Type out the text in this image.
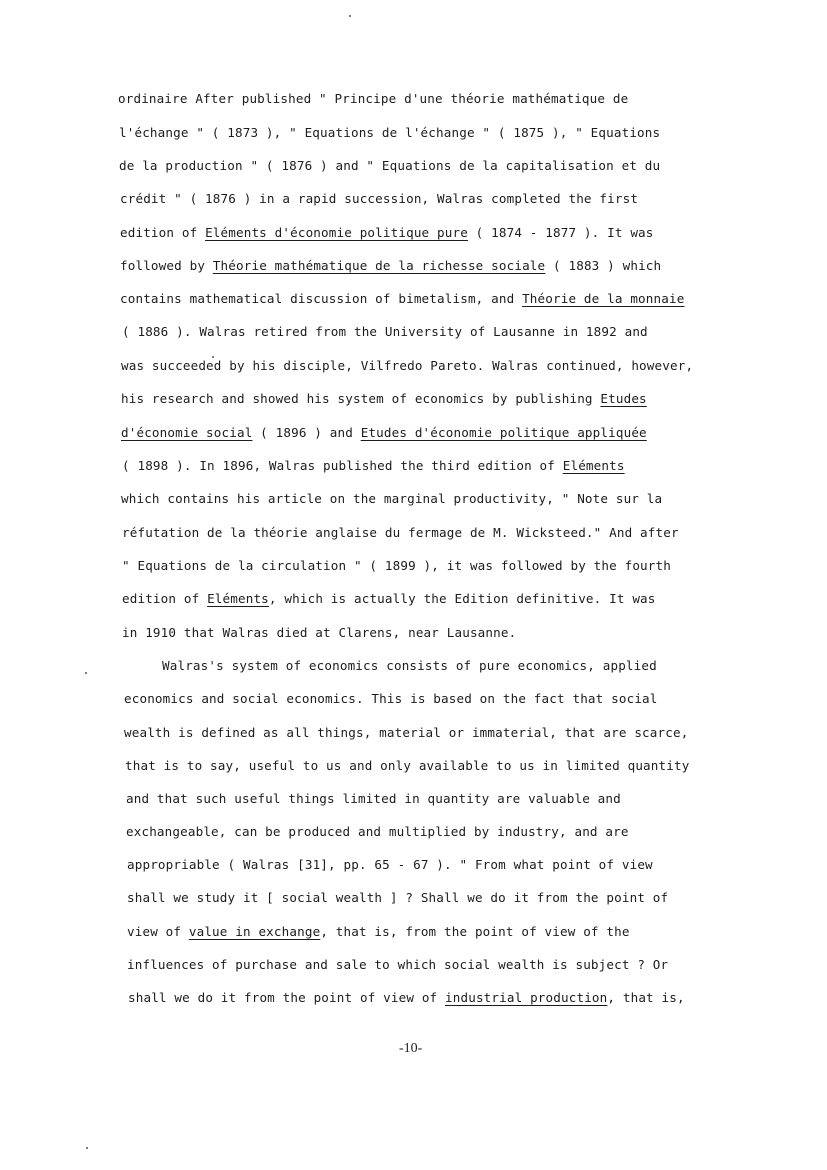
ordinaire After published " Principe d'une théorie mathématique de
l'échange " ( 1873 ), " Equations de l'échange " ( 1875 ), " Equations
de la production " ( 1876 ) and " Equations de la capitalisation et du
crédit " ( 1876 ) in a rapid succession, Walras completed the first
edition of Eléments d'économie politique pure ( 1874 - 1877 ). It was
followed by Théorie mathématique de la richesse sociale ( 1883 ) which
contains mathematical discussion of bimetalism, and Théorie de la monnaie
( 1886 ). Walras retired from the University of Lausanne in 1892 and
was succeeded by his disciple, Vilfredo Pareto. Walras continued, however,
his research and showed his system of economics by publishing Etudes
d'économie social ( 1896 ) and Etudes d'économie politique appliquée
( 1898 ). In 1896, Walras published the third edition of Eléments
which contains his article on the marginal productivity, " Note sur la
réfutation de la théorie anglaise du fermage de M. Wicksteed." And after
" Equations de la circulation " ( 1899 ), it was followed by the fourth
edition of Eléments, which is actually the Edition definitive. It was
in 1910 that Walras died at Clarens, near Lausanne.
Walras's system of economics consists of pure economics, applied
economics and social economics. This is based on the fact that social
wealth is defined as all things, material or immaterial, that are scarce,
that is to say, useful to us and only available to us in limited quantity
and that such useful things limited in quantity are valuable and
exchangeable, can be produced and multiplied by industry, and are
appropriable ( Walras [31], pp. 65 - 67 ). " From what point of view
shall we study it [ social wealth ] ? Shall we do it from the point of
view of value in exchange, that is, from the point of view of the
influences of purchase and sale to which social wealth is subject ? Or
shall we do it from the point of view of industrial production, that is,
-10-
